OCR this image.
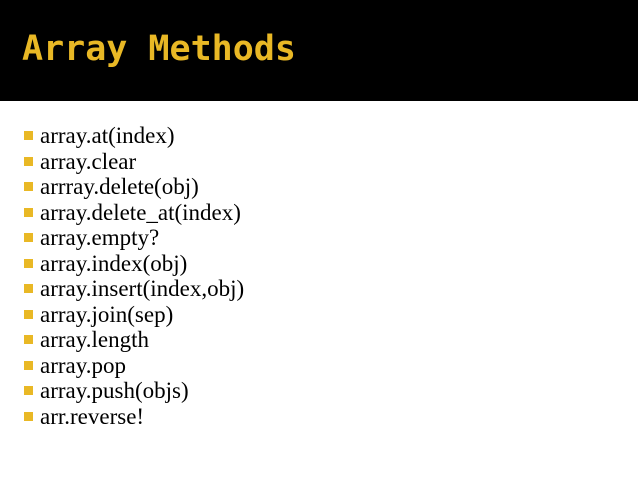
Array Methods
array.at(index)
array.clear
arrray.delete(obj)
array.delete_at(index)
array.empty?
array.index(obj)
array.insert(index,obj)
array.join(sep)
array.length
array.pop
array.push(objs)
arr.reverse!
